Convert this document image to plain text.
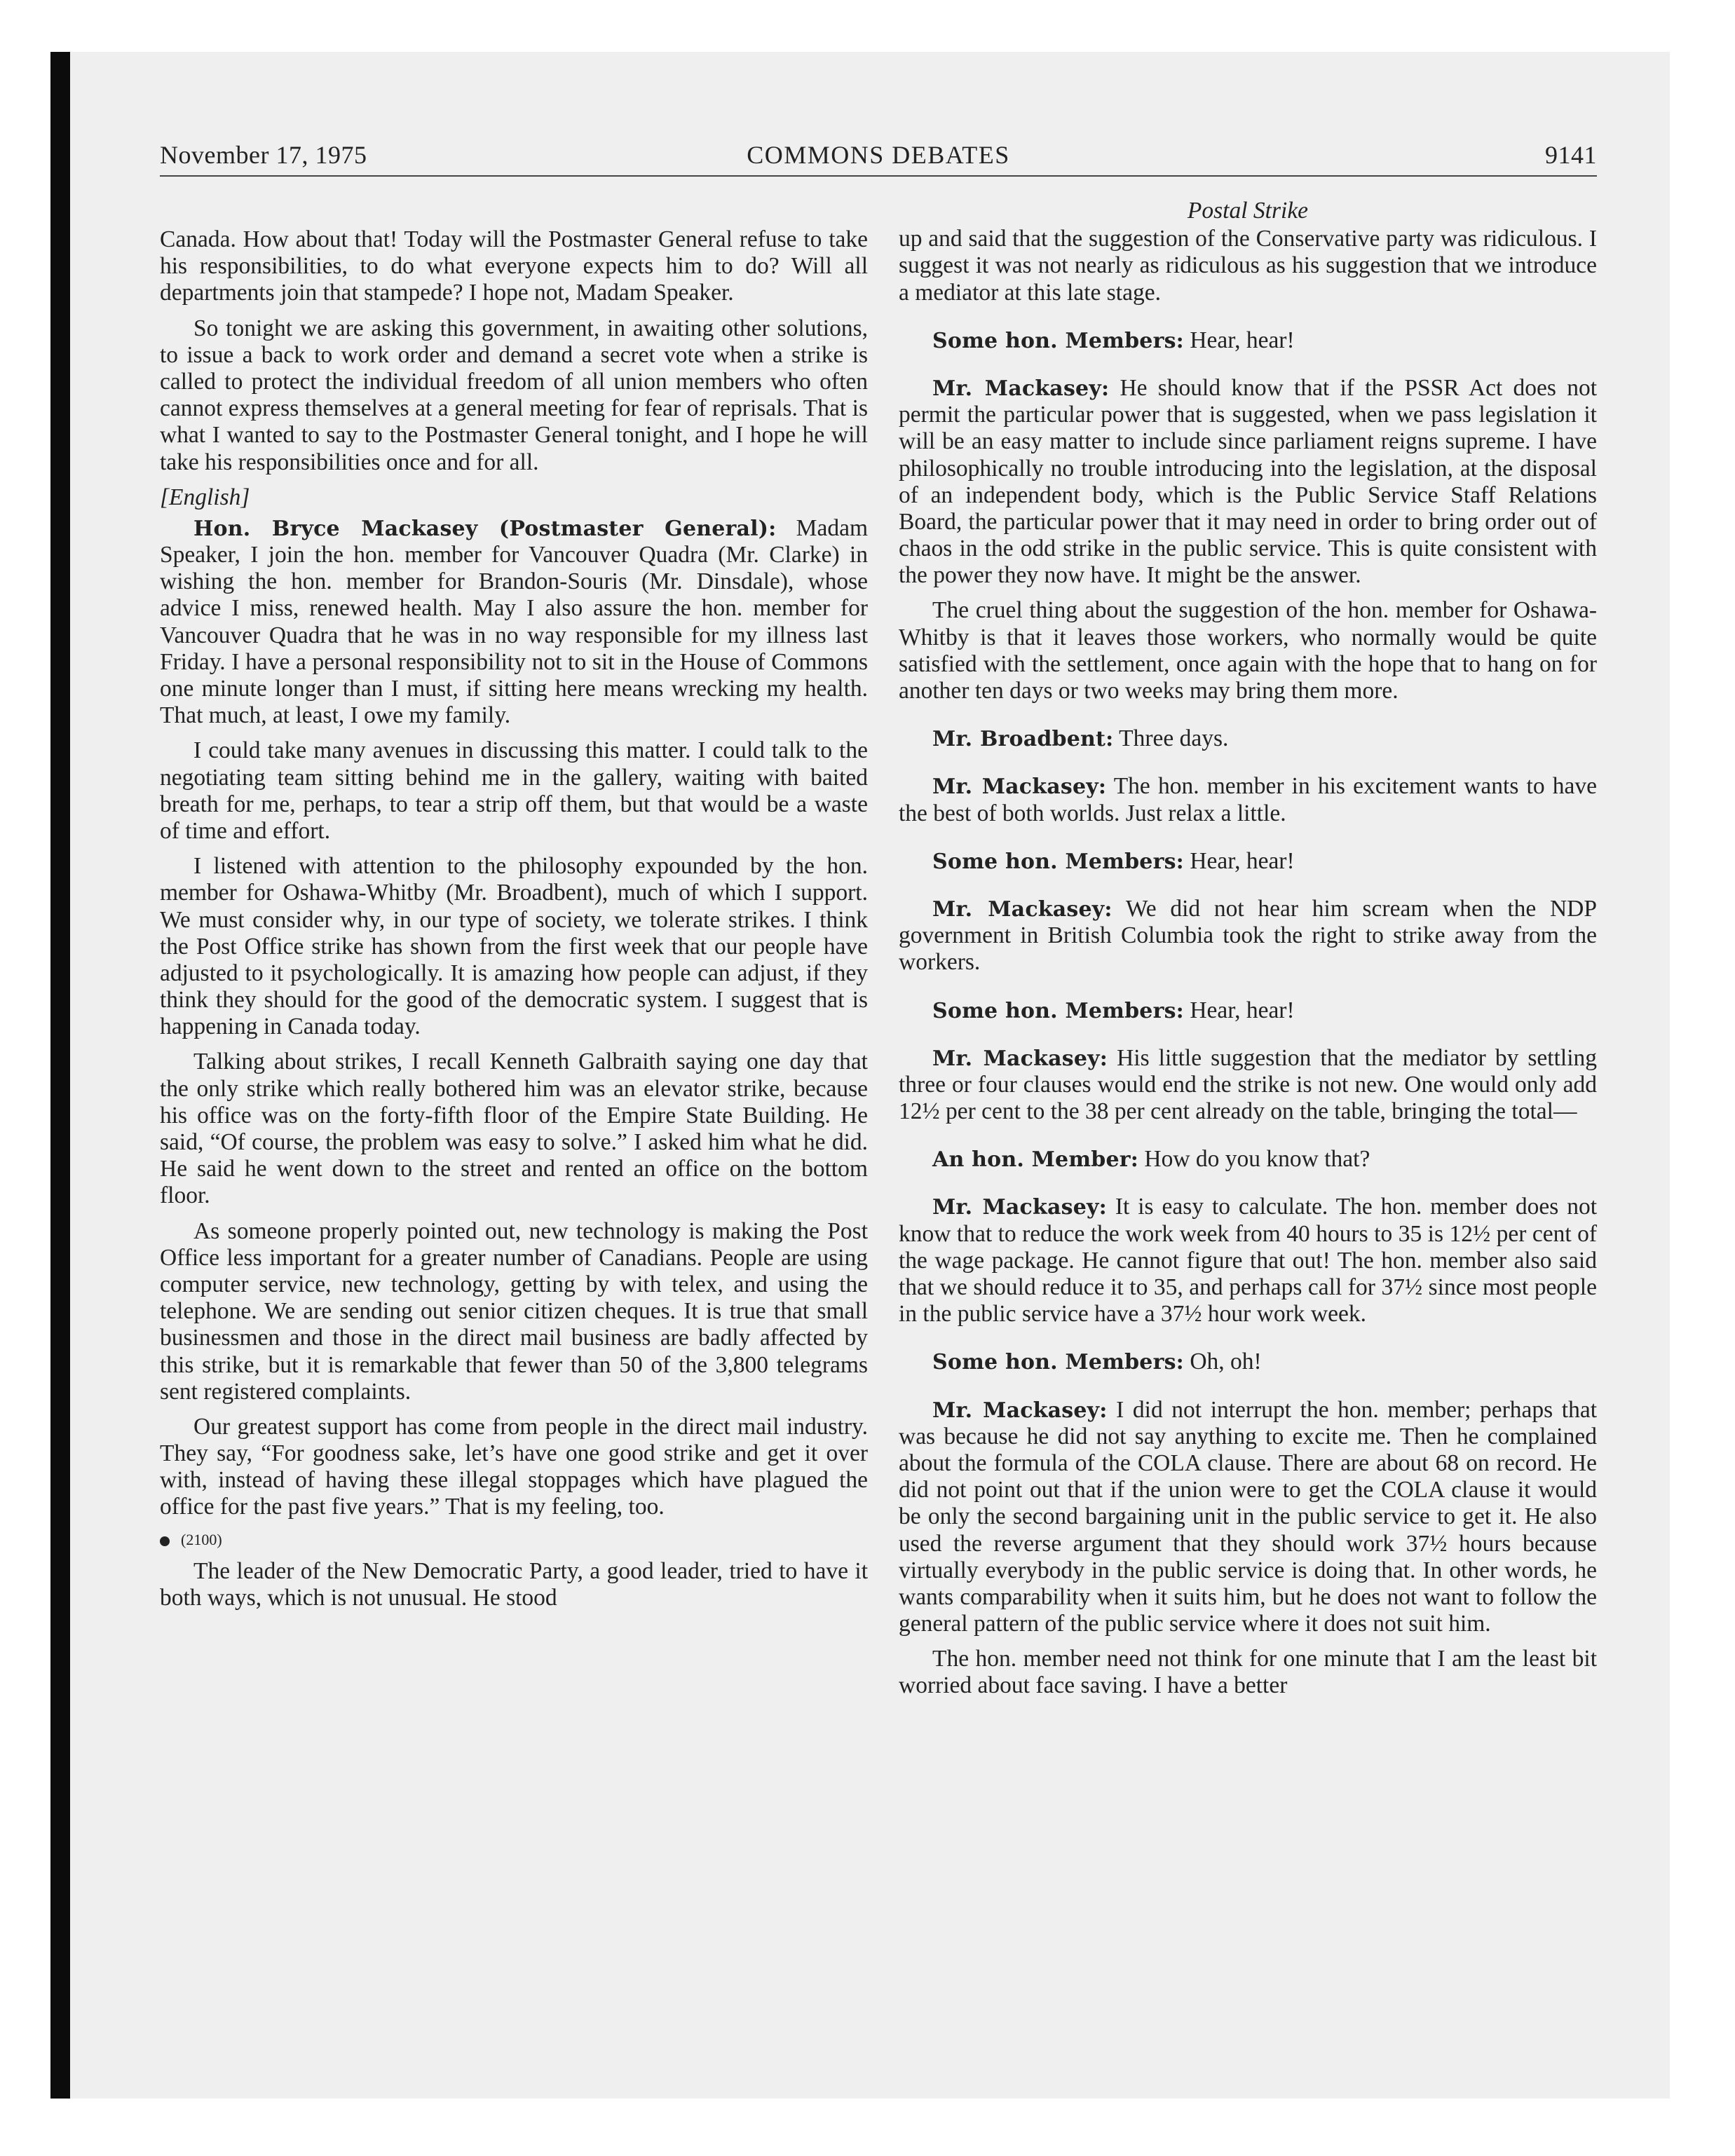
November 17, 1975	COMMONS DEBATES	9141

Canada. How about that! Today will the Postmaster General refuse to take his responsibilities, to do what everyone expects him to do? Will all departments join that stampede? I hope not, Madam Speaker.

So tonight we are asking this government, in awaiting other solutions, to issue a back to work order and demand a secret vote when a strike is called to protect the individual freedom of all union members who often cannot express themselves at a general meeting for fear of reprisals. That is what I wanted to say to the Postmaster General tonight, and I hope he will take his responsibilities once and for all.

[English]

Hon. Bryce Mackasey (Postmaster General): Madam Speaker, I join the hon. member for Vancouver Quadra (Mr. Clarke) in wishing the hon. member for Brandon-Souris (Mr. Dinsdale), whose advice I miss, renewed health. May I also assure the hon. member for Vancouver Quadra that he was in no way responsible for my illness last Friday. I have a personal responsibility not to sit in the House of Commons one minute longer than I must, if sitting here means wrecking my health. That much, at least, I owe my family.

I could take many avenues in discussing this matter. I could talk to the negotiating team sitting behind me in the gallery, waiting with baited breath for me, perhaps, to tear a strip off them, but that would be a waste of time and effort.

I listened with attention to the philosophy expounded by the hon. member for Oshawa-Whitby (Mr. Broadbent), much of which I support. We must consider why, in our type of society, we tolerate strikes. I think the Post Office strike has shown from the first week that our people have adjusted to it psychologically. It is amazing how people can adjust, if they think they should for the good of the democratic system. I suggest that is happening in Canada today.

Talking about strikes, I recall Kenneth Galbraith saying one day that the only strike which really bothered him was an elevator strike, because his office was on the forty-fifth floor of the Empire State Building. He said, “Of course, the problem was easy to solve.” I asked him what he did. He said he went down to the street and rented an office on the bottom floor.

As someone properly pointed out, new technology is making the Post Office less important for a greater number of Canadians. People are using computer service, new technology, getting by with telex, and using the telephone. We are sending out senior citizen cheques. It is true that small businessmen and those in the direct mail business are badly affected by this strike, but it is remarkable that fewer than 50 of the 3,800 telegrams sent registered complaints.

Our greatest support has come from people in the direct mail industry. They say, “For goodness sake, let’s have one good strike and get it over with, instead of having these illegal stoppages which have plagued the office for the past five years.” That is my feeling, too.

(2100)

The leader of the New Democratic Party, a good leader, tried to have it both ways, which is not unusual. He stood

Postal Strike

up and said that the suggestion of the Conservative party was ridiculous. I suggest it was not nearly as ridiculous as his suggestion that we introduce a mediator at this late stage.

Some hon. Members: Hear, hear!

Mr. Mackasey: He should know that if the PSSR Act does not permit the particular power that is suggested, when we pass legislation it will be an easy matter to include since parliament reigns supreme. I have philosophically no trouble introducing into the legislation, at the disposal of an independent body, which is the Public Service Staff Relations Board, the particular power that it may need in order to bring order out of chaos in the odd strike in the public service. This is quite consistent with the power they now have. It might be the answer.

The cruel thing about the suggestion of the hon. member for Oshawa-Whitby is that it leaves those workers, who normally would be quite satisfied with the settlement, once again with the hope that to hang on for another ten days or two weeks may bring them more.

Mr. Broadbent: Three days.

Mr. Mackasey: The hon. member in his excitement wants to have the best of both worlds. Just relax a little.

Some hon. Members: Hear, hear!

Mr. Mackasey: We did not hear him scream when the NDP government in British Columbia took the right to strike away from the workers.

Some hon. Members: Hear, hear!

Mr. Mackasey: His little suggestion that the mediator by settling three or four clauses would end the strike is not new. One would only add 12½ per cent to the 38 per cent already on the table, bringing the total—

An hon. Member: How do you know that?

Mr. Mackasey: It is easy to calculate. The hon. member does not know that to reduce the work week from 40 hours to 35 is 12½ per cent of the wage package. He cannot figure that out! The hon. member also said that we should reduce it to 35, and perhaps call for 37½ since most people in the public service have a 37½ hour work week.

Some hon. Members: Oh, oh!

Mr. Mackasey: I did not interrupt the hon. member; perhaps that was because he did not say anything to excite me. Then he complained about the formula of the COLA clause. There are about 68 on record. He did not point out that if the union were to get the COLA clause it would be only the second bargaining unit in the public service to get it. He also used the reverse argument that they should work 37½ hours because virtually everybody in the public service is doing that. In other words, he wants comparability when it suits him, but he does not want to follow the general pattern of the public service where it does not suit him.

The hon. member need not think for one minute that I am the least bit worried about face saving. I have a better
